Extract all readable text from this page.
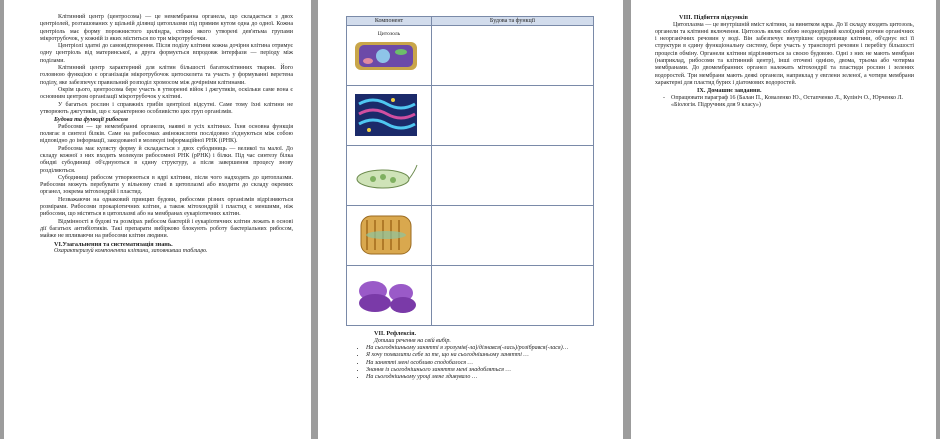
Клітинний центр (центросома) — це немембранна органела, що складається з двох центріолей, розташованих у щільній ділянці цитоплазми під прямим кутом одна до одної. Кожна центріоль має форму порожнистого циліндра, стінки якого утворені дев'ятьма групами мікротрубочок, у кожній із яких міститься по три мікротрубочки.

Центріолі здатні до самовідтворення. Після поділу клітини кожна дочірня клітина отримує одну центріоль від материнської, а друга формується впродовж інтерфази — періоду між поділами.

Клітинний центр характерний для клітин більшості багатоклітинних тварин. Його головною функцією є організація мікротрубочок цитоскелета та участь у формуванні веретена поділу, яке забезпечує правильний розподіл хромосом між дочірніми клітинами.

Окрім цього, центросома бере участь в утворенні війок і джгутиків, оскільки саме вона є основним центром організації мікротрубочок у клітині.

У багатьох рослин і справжніх грибів центріолі відсутні. Саме тому їхні клітини не утворюють джгутиків, що є характерною особливістю цих груп організмів.

Будова та функції рибосом

Рибосоми — це немембранні органели, наявні в усіх клітинах. Їхня основна функція полягає в синтезі білків. Саме на рибосомах амінокислоти послідовно з'єднуються між собою відповідно до інформації, закодованої в молекулі інформаційної РНК (іРНК).

Рибосома має кулясту форму й складається з двох субодиниць — великої та малої. До складу кожної з них входять молекули рибосомної РНК (рРНК) і білки. Під час синтезу білка обидві субодиниці об'єднуються в єдину структуру, а після завершення процесу знову розділяються.

Субодиниці рибосом утворюються в ядрі клітини, після чого надходять до цитоплазми. Рибосоми можуть перебувати у вільному стані в цитоплазмі або входити до складу окремих органел, зокрема мітохондрій і пластид.

Незважаючи на однаковий принцип будови, рибосоми різних організмів відрізняються розмірами. Рибосоми прокаріотичних клітин, а також мітохондрій і пластид є меншими, ніж рибосоми, що містяться в цитоплазмі або на мембранах еукаріотичних клітин.

Відмінності в будові та розмірах рибосом бактерій і еукаріотичних клітин лежать в основі дії багатьох антибіотиків. Такі препарати вибірково блокують роботу бактеріальних рибосом, майже не впливаючи на рибосоми клітин людини.

VI.Узагальнення та систематизація знань.

Охарактеризуй компоненти клітини, заповнивши таблицю.

Компонент	Будова та функції

Цитозоль	

VII. Рефлексія.

Допиши речення на свій вибір.

• На сьогоднішньому занятті я зрозумів(-ла)/дізнався(-лась)/розібрався(-лася)…
• Я хочу похвалити себе за те, що на сьогоднішньому занятті …
• На занятті мені особливо сподобалося …
• Знання із сьогоднішнього заняття мені знадобляться …
• На сьогоднішньому уроці мене здивувало …

VIII. Підбиття підсумків

Цитоплазма — це внутрішній вміст клітини, за винятком ядра. До її складу входять цитозоль, органели та клітинні включення. Цитозоль являє собою неоднорідний колоїдний розчин органічних і неорганічних речовин у воді. Він забезпечує внутрішнє середовище клітини, об'єднує всі її структури в єдину функціональну систему, бере участь у транспорті речовин і перебігу більшості процесів обміну. Органели клітини відрізняються за своєю будовою. Одні з них не мають мембран (наприклад, рибосоми та клітинний центр), інші оточені однією, двома, трьома або чотирма мембранами. До двомембранних органел належать мітохондрії та пластиди рослин і зелених водоростей. Три мембрани мають деякі органели, наприклад у евглени зеленої, а чотири мембрани характерні для пластид бурих і діатомових водоростей.

IX. Домашнє завдання.

- Опрацювати параграф 16 (Балан П., Коваленко Ю., Остапченко Л., Кулініч О., Юрченко Л. «Біологія. Підручник для 9 класу»)
